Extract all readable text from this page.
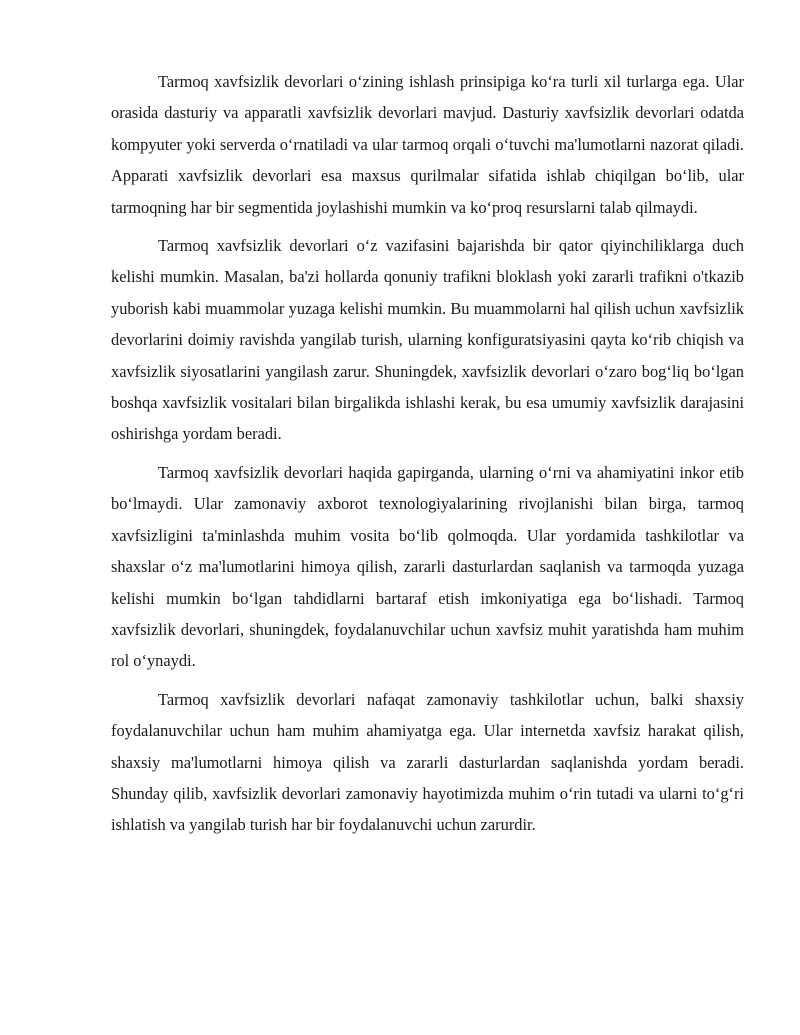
Tarmoq xavfsizlik devorlari o‘zining ishlash prinsipiga ko‘ra turli xil turlarga ega. Ular orasida dasturiy va apparatli xavfsizlik devorlari mavjud. Dasturiy xavfsizlik devorlari odatda kompyuter yoki serverda o‘rnatiladi va ular tarmoq orqali o‘tuvchi ma'lumotlarni nazorat qiladi. Apparati xavfsizlik devorlari esa maxsus qurilmalar sifatida ishlab chiqilgan bo‘lib, ular tarmoqning har bir segmentida joylashishi mumkin va ko‘proq resurslarni talab qilmaydi.

Tarmoq xavfsizlik devorlari o‘z vazifasini bajarishda bir qator qiyinchiliklarga duch kelishi mumkin. Masalan, ba'zi hollarda qonuniy trafikni bloklash yoki zararli trafikni o'tkazib yuborish kabi muammolar yuzaga kelishi mumkin. Bu muammolarni hal qilish uchun xavfsizlik devorlarini doimiy ravishda yangilab turish, ularning konfiguratsiyasini qayta ko‘rib chiqish va xavfsizlik siyosatlarini yangilash zarur. Shuningdek, xavfsizlik devorlari o‘zaro bog‘liq bo‘lgan boshqa xavfsizlik vositalari bilan birgalikda ishlashi kerak, bu esa umumiy xavfsizlik darajasini oshirishga yordam beradi.

Tarmoq xavfsizlik devorlari haqida gapirganda, ularning o‘rni va ahamiyatini inkor etib bo‘lmaydi. Ular zamonaviy axborot texnologiyalarining rivojlanishi bilan birga, tarmoq xavfsizligini ta'minlashda muhim vosita bo‘lib qolmoqda. Ular yordamida tashkilotlar va shaxslar o‘z ma'lumotlarini himoya qilish, zararli dasturlardan saqlanish va tarmoqda yuzaga kelishi mumkin bo‘lgan tahdidlarni bartaraf etish imkoniyatiga ega bo‘lishadi. Tarmoq xavfsizlik devorlari, shuningdek, foydalanuvchilar uchun xavfsiz muhit yaratishda ham muhim rol o‘ynaydi.

Tarmoq xavfsizlik devorlari nafaqat zamonaviy tashkilotlar uchun, balki shaxsiy foydalanuvchilar uchun ham muhim ahamiyatga ega. Ular internetda xavfsiz harakat qilish, shaxsiy ma'lumotlarni himoya qilish va zararli dasturlardan saqlanishda yordam beradi. Shunday qilib, xavfsizlik devorlari zamonaviy hayotimizda muhim o‘rin tutadi va ularni to‘g‘ri ishlatish va yangilab turish har bir foydalanuvchi uchun zarurdir.
